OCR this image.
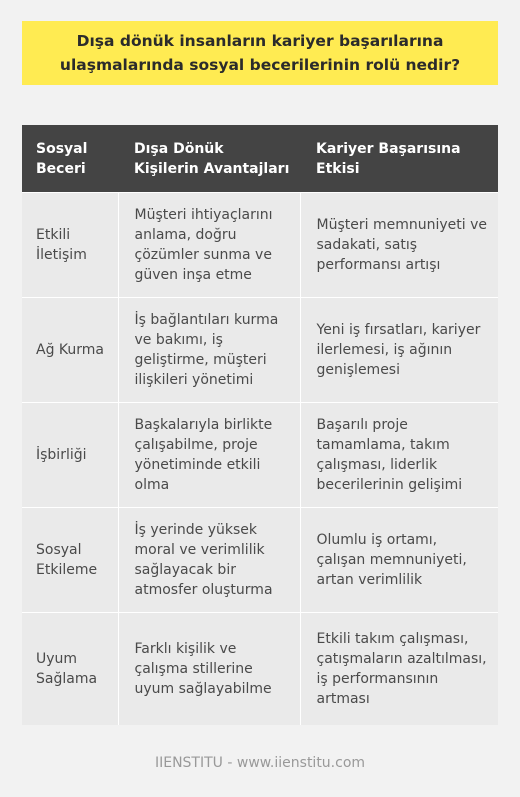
Dışa dönük insanların kariyer başarılarına ulaşmalarında sosyal becerilerinin rolü nedir?
Sosyal Beceri	Dışa Dönük Kişilerin Avantajları	Kariyer Başarısına Etkisi
Etkili İletişim	Müşteri ihtiyaçlarını anlama, doğru çözümler sunma ve güven inşa etme	Müşteri memnuniyeti ve sadakati, satış performansı artışı
Ağ Kurma	İş bağlantıları kurma ve bakımı, iş geliştirme, müşteri ilişkileri yönetimi	Yeni iş fırsatları, kariyer ilerlemesi, iş ağının genişlemesi
İşbirliği	Başkalarıyla birlikte çalışabilme, proje yönetiminde etkili olma	Başarılı proje tamamlama, takım çalışması, liderlik becerilerinin gelişimi
Sosyal Etkileme	İş yerinde yüksek moral ve verimlilik sağlayacak bir atmosfer oluşturma	Olumlu iş ortamı, çalışan memnuniyeti, artan verimlilik
Uyum Sağlama	Farklı kişilik ve çalışma stillerine uyum sağlayabilme	Etkili takım çalışması, çatışmaların azaltılması, iş performansının artması
IIENSTITU - www.iienstitu.com
